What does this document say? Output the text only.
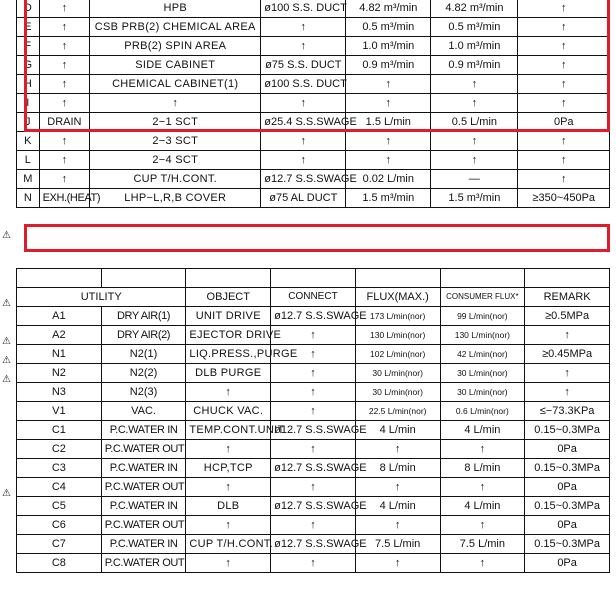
D	↑	HPB	ø100 S.S. DUCT	4.82 m³/min	4.82 m³/min	↑
E	↑	CSB PRB(2) CHEMICAL AREA	↑	0.5 m³/min	0.5 m³/min	↑
F	↑	PRB(2) SPIN AREA	↑	1.0 m³/min	1.0 m³/min	↑
G	↑	SIDE CABINET	ø75 S.S. DUCT	0.9 m³/min	0.9 m³/min	↑
H	↑	CHEMICAL CABINET(1)	ø100 S.S. DUCT	↑	↑	↑
I	↑	↑	↑	↑	↑	↑
J	DRAIN	2−1 SCT	ø25.4 S.S.SWAGE	1.5 L/min	0.5 L/min	0Pa
K	↑	2−3 SCT	↑	↑	↑	↑
L	↑	2−4 SCT	↑	↑	↑	↑
M	↑	CUP T/H.CONT.	ø12.7 S.S.SWAGE	0.02 L/min	—	↑
N	EXH.(HEAT)	LHP−L,R,B COVER	ø75 AL DUCT	1.5 m³/min	1.5 m³/min	≥350~450Pa

UTILITY		OBJECT	CONNECT	FLUX(MAX.)	CONSUMER FLUX*	REMARK
A1	DRY AIR(1)	UNIT DRIVE	ø12.7 S.S.SWAGE	173 L/min(nor)	99 L/min(nor)	≥0.5MPa
A2	DRY AIR(2)	EJECTOR DRIVE	↑	130 L/min(nor)	130 L/min(nor)	↑
N1	N2(1)	LIQ.PRESS.,PURGE	↑	102 L/min(nor)	42 L/min(nor)	≥0.45MPa
N2	N2(2)	DLB PURGE	↑	30 L/min(nor)	30 L/min(nor)	↑
N3	N2(3)	↑	↑	30 L/min(nor)	30 L/min(nor)	↑
V1	VAC.	CHUCK VAC.	↑	22.5 L/min(nor)	0.6 L/min(nor)	≤−73.3KPa
C1	P.C.WATER IN	TEMP.CONT.UNIT	ø12.7 S.S.SWAGE	4 L/min	4 L/min	0.15~0.3MPa
C2	P.C.WATER OUT	↑	↑	↑	↑	0Pa
C3	P.C.WATER IN	HCP,TCP	ø12.7 S.S.SWAGE	8 L/min	8 L/min	0.15~0.3MPa
C4	P.C.WATER OUT	↑	↑	↑	↑	0Pa
C5	P.C.WATER IN	DLB	ø12.7 S.S.SWAGE	4 L/min	4 L/min	0.15~0.3MPa
C6	P.C.WATER OUT	↑	↑	↑	↑	0Pa
C7	P.C.WATER IN	CUP T/H.CONT.	ø12.7 S.S.SWAGE	7.5 L/min	7.5 L/min	0.15~0.3MPa
C8	P.C.WATER OUT	↑	↑	↑	↑	0Pa
⚠
⚠
⚠
⚠
⚠
⚠
